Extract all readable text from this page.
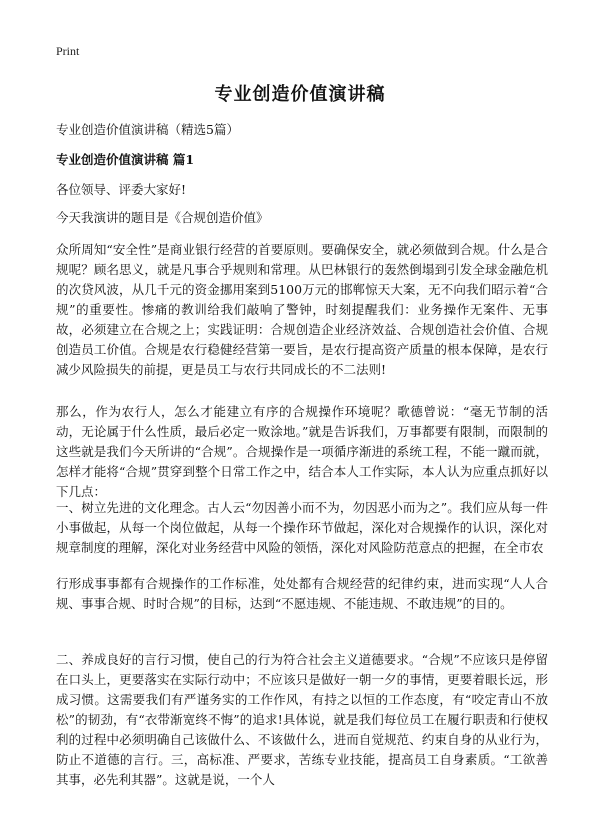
Print
专业创造价值演讲稿

专业创造价值演讲稿（精选5篇）

专业创造价值演讲稿 篇1

各位领导、评委大家好!

今天我演讲的题目是《合规创造价值》

众所周知“安全性”是商业银行经营的首要原则。要确保安全，就必须做到合规。什么是合规呢？顾名思义，就是凡事合乎规则和常理。从巴林银行的轰然倒塌到引发全球金融危机的次贷风波，从几千元的资金挪用案到5100万元的邯郸惊天大案，无不向我们昭示着“合规”的重要性。惨痛的教训给我们敲响了警钟，时刻提醒我们：业务操作无案件、无事故，必须建立在合规之上；实践证明：合规创造企业经济效益、合规创造社会价值、合规创造员工价值。合规是农行稳健经营第一要旨，是农行提高资产质量的根本保障，是农行减少风险损失的前提，更是员工与农行共同成长的不二法则!

那么，作为农行人，怎么才能建立有序的合规操作环境呢？歌德曾说：“毫无节制的活动，无论属于什么性质，最后必定一败涂地。”就是告诉我们，万事都要有限制，而限制的这些就是我们今天所讲的“合规”。合规操作是一项循序渐进的系统工程，不能一蹴而就，怎样才能将“合规”贯穿到整个日常工作之中，结合本人工作实际，本人认为应重点抓好以下几点：

一、树立先进的文化理念。古人云“勿因善小而不为，勿因恶小而为之”。我们应从每一件小事做起，从每一个岗位做起，从每一个操作环节做起，深化对合规操作的认识，深化对规章制度的理解，深化对业务经营中风险的领悟，深化对风险防范意点的把握，在全市农

行形成事事都有合规操作的工作标准，处处都有合规经营的纪律约束，进而实现“人人合规、事事合规、时时合规”的目标，达到“不愿违规、不能违规、不敢违规”的目的。

二、养成良好的言行习惯，使自己的行为符合社会主义道德要求。“合规”不应该只是停留在口头上，更要落实在实际行动中；不应该只是做好一朝一夕的事情，更要着眼长远，形成习惯。这需要我们有严谨务实的工作作风，有持之以恒的工作态度，有“咬定青山不放松”的韧劲，有“衣带渐宽终不悔”的追求!具体说，就是我们每位员工在履行职责和行使权利的过程中必须明确自己该做什么、不该做什么，进而自觉规范、约束自身的从业行为，防止不道德的言行。三，高标准、严要求，苦练专业技能，提高员工自身素质。“工欲善其事，必先利其器”。这就是说，一个人
